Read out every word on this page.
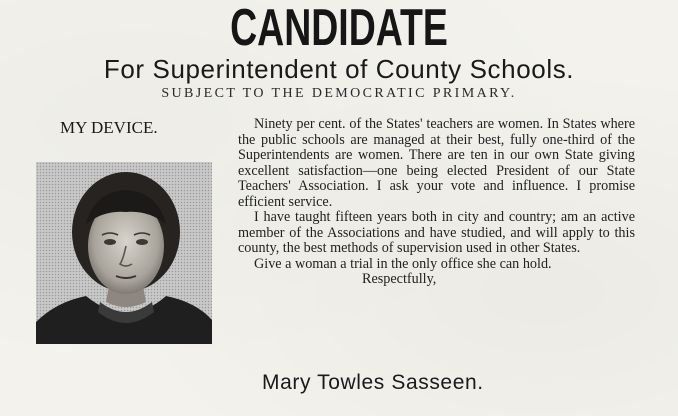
CANDIDATE
For Superintendent of County Schools.
SUBJECT TO THE DEMOCRATIC PRIMARY.
MY DEVICE.	Ninety per cent. of the States' teachers are women. In States where the public schools are managed at their best, fully one-third of the Superintendents are women. There are ten in our own State giving excellent satisfaction—one being elected President of our State Teachers' Association. I ask your vote and influence. I promise efficient service.

I have taught fifteen years both in city and country; am an active member of the Associations and have studied, and will apply to this county, the best methods of supervision used in other States.

Give a woman a trial in the only office she can hold.

Respectfully,
Mary Towles Sasseen.
